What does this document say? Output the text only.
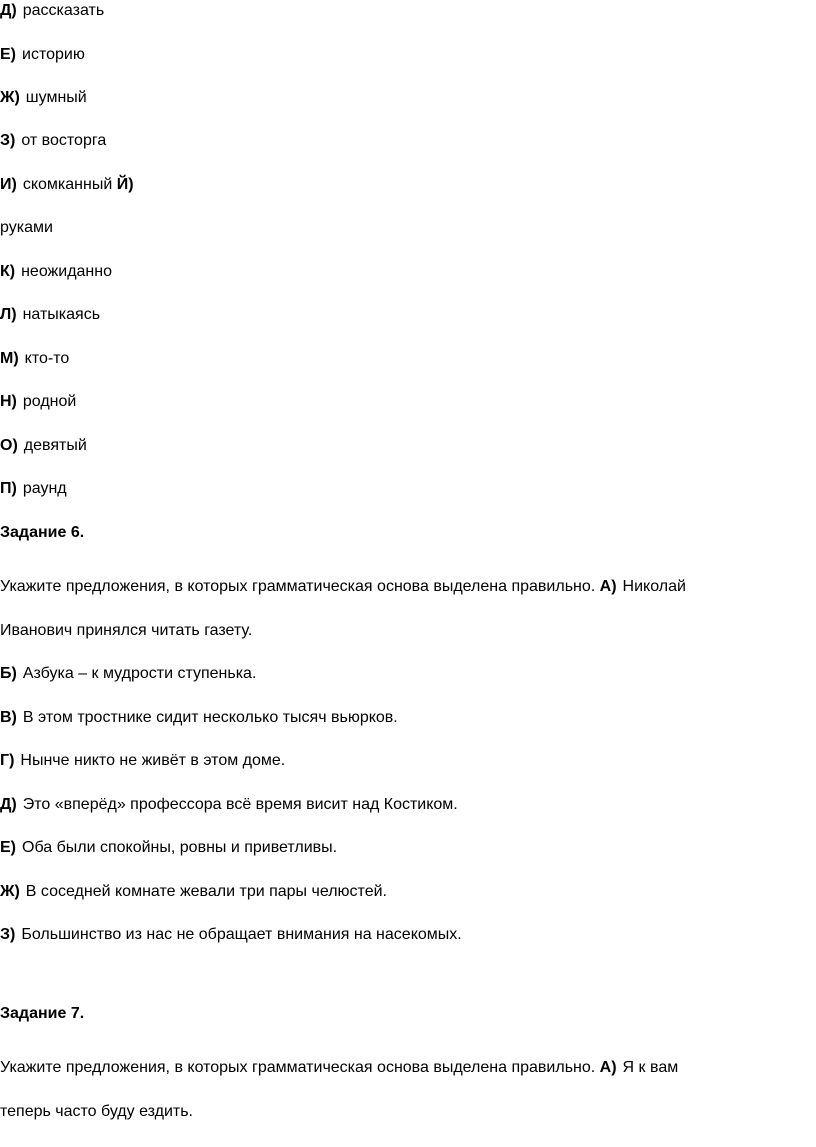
Д) рассказать
Е) историю
Ж) шумный
З) от восторга
И) скомканный Й)
руками
К) неожиданно
Л) натыкаясь
М) кто-то
Н) родной
О) девятый
П) раунд
Задание 6.
Укажите предложения, в которых грамматическая основа выделена правильно. А) Николай
Иванович принялся читать газету.
Б) Азбука – к мудрости ступенька.
В) В этом тростнике сидит несколько тысяч вьюрков.
Г) Нынче никто не живёт в этом доме.
Д) Это «вперёд» профессора всё время висит над Костиком.
Е) Оба были спокойны, ровны и приветливы.
Ж) В соседней комнате жевали три пары челюстей.
З) Большинство из нас не обращает внимания на насекомых.
Задание 7.
Укажите предложения, в которых грамматическая основа выделена правильно. А) Я к вам
теперь часто буду ездить.
